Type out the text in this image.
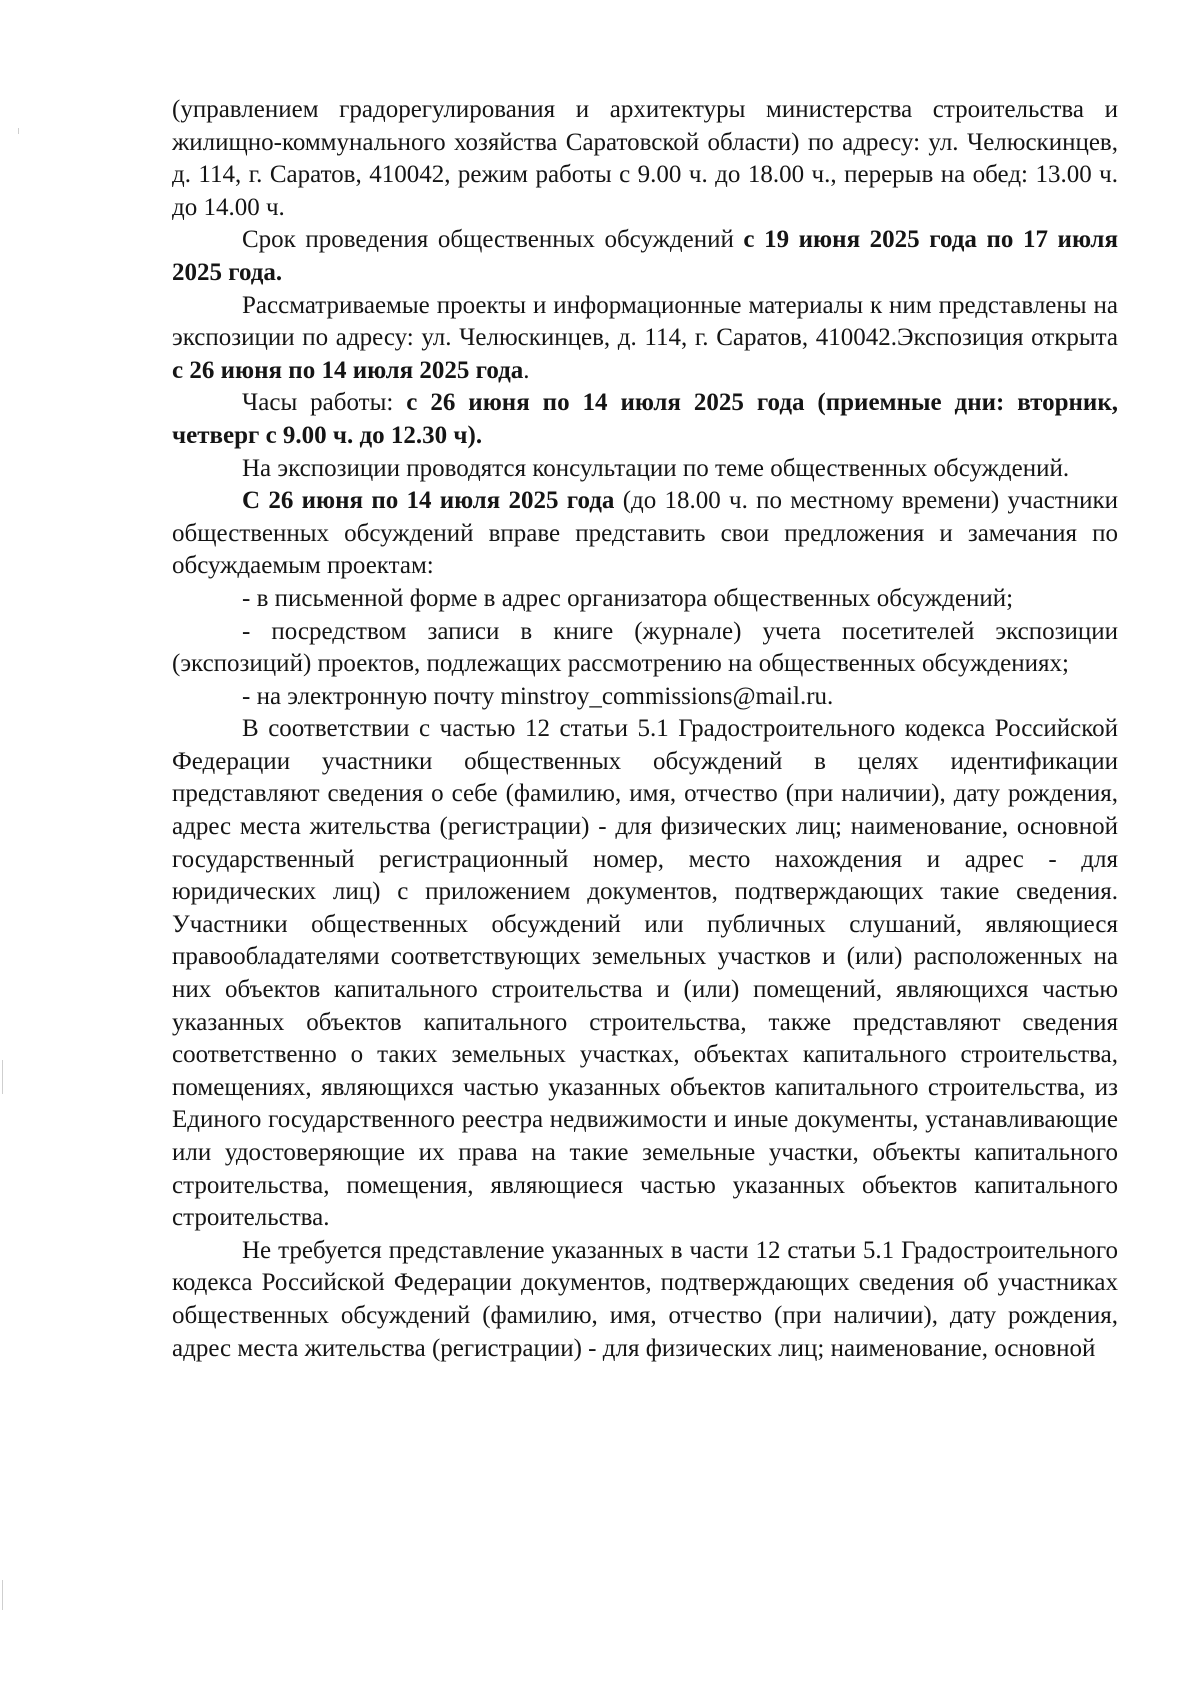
(управлением градорегулирования и архитектуры министерства строительства и жилищно-коммунального хозяйства Саратовской области) по адресу: ул. Челюскинцев, д. 114, г. Саратов, 410042, режим работы с 9.00 ч. до 18.00 ч., перерыв на обед: 13.00 ч. до 14.00 ч.

Срок проведения общественных обсуждений с 19 июня 2025 года по 17 июля 2025 года.

Рассматриваемые проекты и информационные материалы к ним представлены на экспозиции по адресу: ул. Челюскинцев, д. 114, г. Саратов, 410042.Экспозиция открыта с 26 июня по 14 июля 2025 года.

Часы работы: с 26 июня по 14 июля 2025 года (приемные дни: вторник, четверг с 9.00 ч. до 12.30 ч).

На экспозиции проводятся консультации по теме общественных обсуждений.

С 26 июня по 14 июля 2025 года (до 18.00 ч. по местному времени) участники общественных обсуждений вправе представить свои предложения и замечания по обсуждаемым проектам:

- в письменной форме в адрес организатора общественных обсуждений;

- посредством записи в книге (журнале) учета посетителей экспозиции (экспозиций) проектов, подлежащих рассмотрению на общественных обсуждениях;

- на электронную почту minstroy_commissions@mail.ru.

В соответствии с частью 12 статьи 5.1 Градостроительного кодекса Российской Федерации участники общественных обсуждений в целях идентификации представляют сведения о себе (фамилию, имя, отчество (при наличии), дату рождения, адрес места жительства (регистрации) - для физических лиц; наименование, основной государственный регистрационный номер, место нахождения и адрес - для юридических лиц) с приложением документов, подтверждающих такие сведения. Участники общественных обсуждений или публичных слушаний, являющиеся правообладателями соответствующих земельных участков и (или) расположенных на них объектов капитального строительства и (или) помещений, являющихся частью указанных объектов капитального строительства, также представляют сведения соответственно о таких земельных участках, объектах капитального строительства, помещениях, являющихся частью указанных объектов капитального строительства, из Единого государственного реестра недвижимости и иные документы, устанавливающие или удостоверяющие их права на такие земельные участки, объекты капитального строительства, помещения, являющиеся частью указанных объектов капитального строительства.

Не требуется представление указанных в части 12 статьи 5.1 Градостроительного кодекса Российской Федерации документов, подтверждающих сведения об участниках общественных обсуждений (фамилию, имя, отчество (при наличии), дату рождения, адрес места жительства (регистрации) - для физических лиц; наименование, основной
